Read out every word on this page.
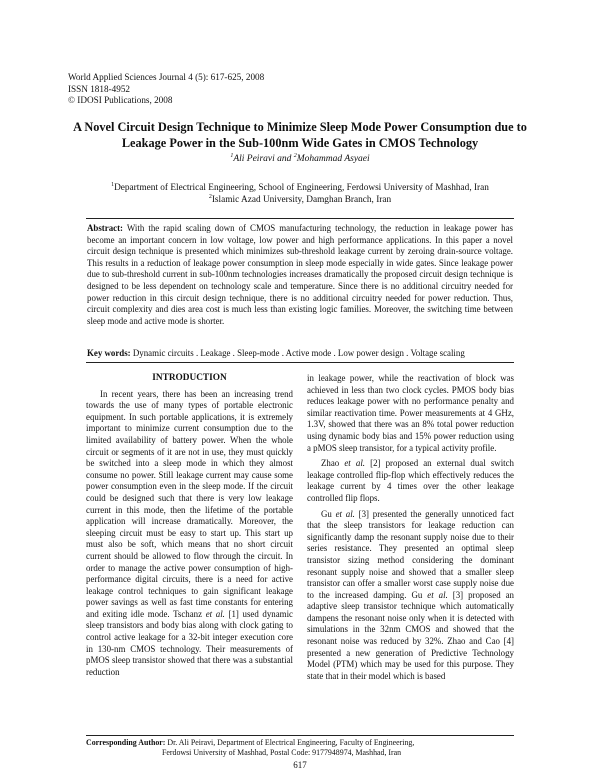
World Applied Sciences Journal 4 (5): 617-625, 2008
ISSN 1818-4952
© IDOSI Publications, 2008
A Novel Circuit Design Technique to Minimize Sleep Mode Power Consumption due to Leakage Power in the Sub-100nm Wide Gates in CMOS Technology
$^1$Ali Peiravi and $^2$Mohammad Asyaei
$^1$Department of Electrical Engineering, School of Engineering, Ferdowsi University of Mashhad, Iran
$^2$Islamic Azad University, Damghan Branch, Iran
Abstract: With the rapid scaling down of CMOS manufacturing technology, the reduction in leakage power has become an important concern in low voltage, low power and high performance applications. In this paper a novel circuit design technique is presented which minimizes sub-threshold leakage current by zeroing drain-source voltage. This results in a reduction of leakage power consumption in sleep mode especially in wide gates. Since leakage power due to sub-threshold current in sub-100nm technologies increases dramatically the proposed circuit design technique is designed to be less dependent on technology scale and temperature. Since there is no additional circuitry needed for power reduction in this circuit design technique, there is no additional circuitry needed for power reduction. Thus, circuit complexity and dies area cost is much less than existing logic families. Moreover, the switching time between sleep mode and active mode is shorter.
Key words: Dynamic circuits . Leakage . Sleep-mode . Active mode . Low power design . Voltage scaling

INTRODUCTION

In recent years, there has been an increasing trend towards the use of many types of portable electronic equipment. In such portable applications, it is extremely important to minimize current consumption due to the limited availability of battery power. When the whole circuit or segments of it are not in use, they must quickly be switched into a sleep mode in which they almost consume no power. Still leakage current may cause some power consumption even in the sleep mode. If the circuit could be designed such that there is very low leakage current in this mode, then the lifetime of the portable application will increase dramatically. Moreover, the sleeping circuit must be easy to start up. This start up must also be soft, which means that no short circuit current should be allowed to flow through the circuit. In order to manage the active power consumption of high-performance digital circuits, there is a need for active leakage control techniques to gain significant leakage power savings as well as fast time constants for entering and exiting idle mode. Tschanz et al. [1] used dynamic sleep transistors and body bias along with clock gating to control active leakage for a 32-bit integer execution core in 130-nm CMOS technology. Their measurements of pMOS sleep transistor showed that there was a substantial reduction

in leakage power, while the reactivation of block was achieved in less than two clock cycles. PMOS body bias reduces leakage power with no performance penalty and similar reactivation time. Power measurements at 4 GHz, 1.3V, showed that there was an 8% total power reduction using dynamic body bias and 15% power reduction using a pMOS sleep transistor, for a typical activity profile.

Zhao et al. [2] proposed an external dual switch leakage controlled flip-flop which effectively reduces the leakage current by 4 times over the other leakage controlled flip flops.

Gu et al. [3] presented the generally unnoticed fact that the sleep transistors for leakage reduction can significantly damp the resonant supply noise due to their series resistance. They presented an optimal sleep transistor sizing method considering the dominant resonant supply noise and showed that a smaller sleep transistor can offer a smaller worst case supply noise due to the increased damping. Gu et al. [3] proposed an adaptive sleep transistor technique which automatically dampens the resonant noise only when it is detected with simulations in the 32nm CMOS and showed that the resonant noise was reduced by 32%. Zhao and Cao [4] presented a new generation of Predictive Technology Model (PTM) which may be used for this purpose. They state that in their model which is based

Corresponding Author: Dr. Ali Peiravi, Department of Electrical Engineering, Faculty of Engineering,
Ferdowsi University of Mashhad, Postal Code: 9177948974, Mashhad, Iran
617
